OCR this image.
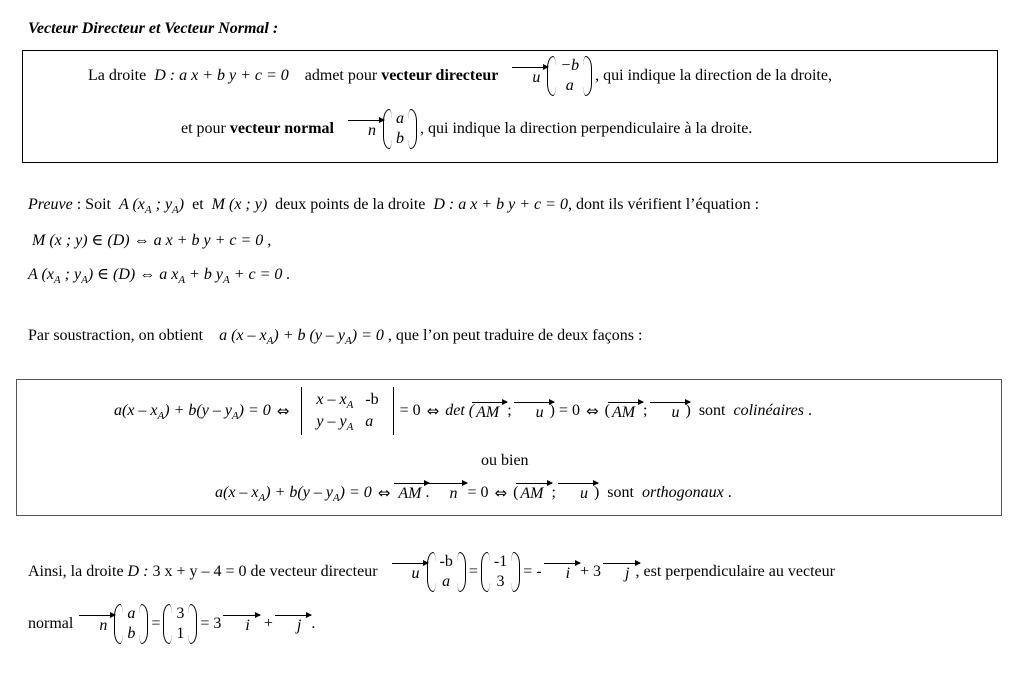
Vecteur Directeur et Vecteur Normal :
La droite D : a x + b y + c = 0 admet pour
vecteur directeur	u
−b
a
, qui indique la direction de la droite,
et pour
vecteur normal	n
a
b
, qui indique la direction perpendiculaire à la droite.
Preuve
: Soit A ($x_A$ ; $y_A$) et M (x ; y) deux points de la droite D : a x + b y + c = 0 , dont ils vérifient l’équation :
M (x ; y) ∈ (D) ⇔ a x + b y + c = 0 ,
A ($x_A$ ; $y_A$) ∈ (D) ⇔ a $x_A + b$ $y_A + c = 0$ .
Par soustraction, on obtient a $(x - x_A) + b$ $(y - y_A) = 0$
, que l’on peut traduire de deux façons :
$a(x - x_A) + b(y - y_A) = 0$ ⇔
x – $x_A$	-b
y – $y_A$	a
= 0 ⇔ det ( AM
;
	u ) = 0 ⇔ ( AM
;
	u ) sont colinéaires
.
ou bien
$a(x - x_A) + b(y - y_A) = 0$ ⇔ AM .	n
= 0 ⇔ ( AM
;
	u ) sont orthogonaux
.
Ainsi, la droite
D :
3 x + y – 4 = 0
de vecteur directeur	u
-b
a
=
-1
3
= -
	i
+ 3
	j , est perpendiculaire au vecteur
normal	n
a
b
=
3
1
= 3
	i
+
	j
.
